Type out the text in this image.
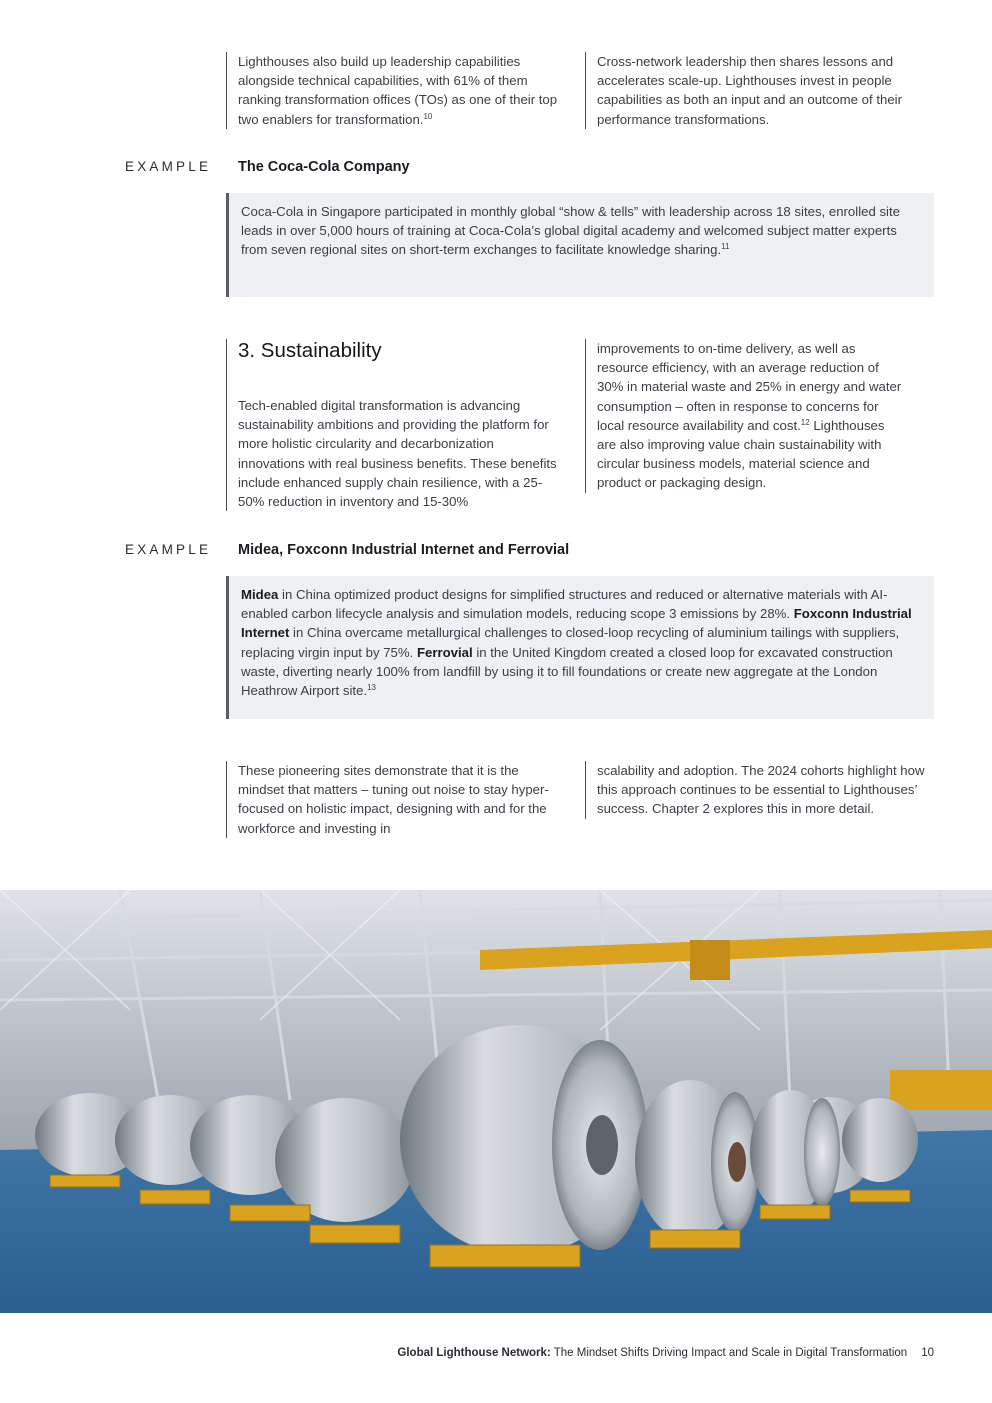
Lighthouses also build up leadership capabilities alongside technical capabilities, with 61% of them ranking transformation offices (TOs) as one of their top two enablers for transformation.$^{10}$

Cross-network leadership then shares lessons and accelerates scale-up. Lighthouses invest in people capabilities as both an input and an outcome of their performance transformations.

EXAMPLE The Coca-Cola Company
Coca-Cola in Singapore participated in monthly global “show & tells” with leadership across 18 sites, enrolled site leads in over 5,000 hours of training at Coca-Cola’s global digital academy and welcomed subject matter experts from seven regional sites on short-term exchanges to facilitate knowledge sharing.$^{11}$

3. Sustainability

Tech-enabled digital transformation is advancing sustainability ambitions and providing the platform for more holistic circularity and decarbonization innovations with real business benefits. These benefits include enhanced supply chain resilience, with a 25-50% reduction in inventory and 15-30%

improvements to on-time delivery, as well as resource efficiency, with an average reduction of 30% in material waste and 25% in energy and water consumption – often in response to concerns for local resource availability and cost.$^{12}$ Lighthouses are also improving value chain sustainability with circular business models, material science and product or packaging design.

EXAMPLE Midea, Foxconn Industrial Internet and Ferrovial
Midea in China optimized product designs for simplified structures and reduced or alternative materials with AI-enabled carbon lifecycle analysis and simulation models, reducing scope 3 emissions by 28%. Foxconn Industrial Internet in China overcame metallurgical challenges to closed-loop recycling of aluminium tailings with suppliers, replacing virgin input by 75%. Ferrovial in the United Kingdom created a closed loop for excavated construction waste, diverting nearly 100% from landfill by using it to fill foundations or create new aggregate at the London Heathrow Airport site.$^{13}$

These pioneering sites demonstrate that it is the mindset that matters – tuning out noise to stay hyper-focused on holistic impact, designing with and for the workforce and investing in

scalability and adoption. The 2024 cohorts highlight how this approach continues to be essential to Lighthouses’ success. Chapter 2 explores this in more detail.

Global Lighthouse Network: The Mindset Shifts Driving Impact and Scale in Digital Transformation 10
